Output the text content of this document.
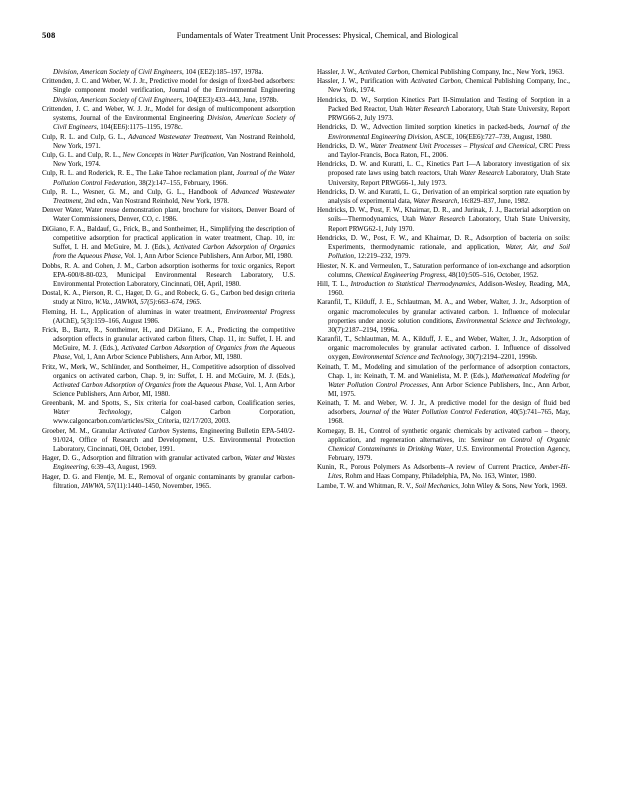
508	Fundamentals of Water Treatment Unit Processes: Physical, Chemical, and Biological

Division, American Society of Civil Engineers, 104 (EE2):185–197, 1978a.

Crittenden, J. C. and Weber, W. J. Jr., Predictive model for design of fixed-bed adsorbers: Single component model verification, Journal of the Environmental Engineering Division, American Society of Civil Engineers, 104(EE3):433–443, June, 1978b.

Crittenden, J. C. and Weber, W. J. Jr., Model for design of multicomponent adsorption systems, Journal of the Environmental Engineering Division, American Society of Civil Engineers, 104(EE6):1175–1195, 1978c.

Culp, R. L. and Culp, G. L., Advanced Wastewater Treatment, Van Nostrand Reinhold, New York, 1971.

Culp, G. L. and Culp, R. L., New Concepts in Water Purification, Van Nostrand Reinhold, New York, 1974.

Culp, R. L. and Roderick, R. E., The Lake Tahoe reclamation plant, Journal of the Water Pollution Control Federation, 38(2):147–155, February, 1966.

Culp, R. L., Wesner, G. M., and Culp, G. L., Handbook of Advanced Wastewater Treatment, 2nd edn., Van Nostrand Reinhold, New York, 1978.

Denver Water, Water reuse demonstration plant, brochure for visitors, Denver Board of Water Commissioners, Denver, CO, c. 1986.

DiGiano, F. A., Baldauf, G., Frick, B., and Sontheimer, H., Simplifying the description of competitive adsorption for practical application in water treatment, Chap. 10, in: Suffet, I. H. and McGuire, M. J. (Eds.), Activated Carbon Adsorption of Organics from the Aqueous Phase, Vol. 1, Ann Arbor Science Publishers, Ann Arbor, MI, 1980.

Dobbs, R. A. and Cohen, J. M., Carbon adsorption isotherms for toxic organics, Report EPA-600/8-80-023, Municipal Environmental Research Laboratory, U.S. Environmental Protection Laboratory, Cincinnati, OH, April, 1980.

Dostal, K. A., Pierson, R. C., Hager, D. G., and Robeck, G. G., Carbon bed design criteria study at Nitro, W.Va., JAWWA, 57(5):663–674, 1965.

Fleming, H. L., Application of aluminas in water treatment, Environmental Progress (AiChE), 5(3):159–166, August 1986.

Frick, B., Bartz, R., Sontheimer, H., and DiGiano, F. A., Predicting the competitive adsorption effects in granular activated carbon filters, Chap. 11, in: Suffet, I. H. and McGuire, M. J. (Eds.), Activated Carbon Adsorption of Organics from the Aqueous Phase, Vol, 1, Ann Arbor Science Publishers, Ann Arbor, MI, 1980.

Fritz, W., Merk, W., Schlünder, and Sontheimer, H., Competitive adsorption of dissolved organics on activated carbon, Chap. 9, in: Suffet, I. H. and McGuire, M. J. (Eds.), Activated Carbon Adsorption of Organics from the Aqueous Phase, Vol. 1, Ann Arbor Science Publishers, Ann Arbor, MI, 1980.

Greenbank, M. and Spotts, S., Six criteria for coal-based carbon, Coalification series, Water Technology, Calgon Carbon Corporation, www.calgoncarbon.com/articles/Six_Criteria, 02/17/203, 2003.

Groeber, M. M., Granular Activated Carbon Systems, Engineering Bulletin EPA-540/2-91/024, Office of Research and Development, U.S. Environmental Protection Laboratory, Cincinnati, OH, October, 1991.

Hager, D. G., Adsorption and filtration with granular activated carbon, Water and Wastes Engineering, 6:39–43, August, 1969.

Hager, D. G. and Flentje, M. E., Removal of organic contaminants by granular carbon- filtration, JAWWA, 57(11):1440–1450, November, 1965.

Hassler, J. W., Activated Carbon, Chemical Publishing Company, Inc., New York, 1963.

Hassler, J. W., Purification with Activated Carbon, Chemical Publishing Company, Inc., New York, 1974.

Hendricks, D. W., Sorption Kinetics Part II-Simulation and Testing of Sorption in a Packed Bed Reactor, Utah Water Research Laboratory, Utah State University, Report PRWG66-2, July 1973.

Hendricks, D. W., Advection limited sorption kinetics in packed-beds, Journal of the Environmental Engineering Division, ASCE, 106(EE6):727–739, August, 1980.

Hendricks, D. W., Water Treatment Unit Processes – Physical and Chemical, CRC Press and Taylor-Francis, Boca Raton, FL, 2006.

Hendricks, D. W. and Kuratti, L. C., Kinetics Part I—A laboratory investigation of six proposed rate laws using batch reactors, Utah Water Research Laboratory, Utah State University, Report PRWG66-1, July 1973.

Hendricks, D. W. and Kuratti, L. G., Derivation of an empirical sorption rate equation by analysis of experimental data, Water Research, 16:829–837, June, 1982.

Hendricks, D. W., Post, F. W., Khairnar, D. R., and Jurinak, J. J., Bacterial adsorption on soils—Thermodynamics, Utah Water Research Laboratory, Utah State University, Report PRWG62-1, July 1970.

Hendricks, D. W., Post, F. W., and Khairnar, D. R., Adsorption of bacteria on soils: Experiments, thermodynamic rationale, and application, Water, Air, and Soil Pollution, 12:219–232, 1979.

Hiester, N. K. and Vermeulen, T., Saturation performance of ion-exchange and adsorption columns, Chemical Engineering Progress, 48(10):505–516, October, 1952.

Hill, T. L., Introduction to Statistical Thermodynamics, Addison-Wesley, Reading, MA, 1960.

Karanfil, T., Kilduff, J. E., Schlautman, M. A., and Weber, Walter, J. Jr., Adsorption of organic macromolecules by granular activated carbon. 1. Influence of molecular properties under anoxic solution conditions, Environmental Science and Technology, 30(7):2187–2194, 1996a.

Karanfil, T., Schlautman, M. A., Kilduff, J. E., and Weber, Walter, J. Jr., Adsorption of organic macromolecules by granular activated carbon. I. Influence of dissolved oxygen, Environmental Science and Technology, 30(7):2194–2201, 1996b.

Keinath, T. M., Modeling and simulation of the performance of adsorption contactors, Chap. 1, in: Keinath, T. M. and Wanielista, M. P. (Eds.), Mathematical Modeling for Water Pollution Control Processes, Ann Arbor Science Publishers, Inc., Ann Arbor, MI, 1975.

Keinath, T. M. and Weber, W. J. Jr., A predictive model for the design of fluid bed adsorbers, Journal of the Water Pollution Control Federation, 40(5):741–765, May, 1968.

Kornegay, B. H., Control of synthetic organic chemicals by activated carbon – theory, application, and regeneration alternatives, in: Seminar on Control of Organic Chemical Contaminants in Drinking Water, U.S. Environmental Protection Agency, February, 1979.

Kunin, R., Porous Polymers As Adsorbents–A review of Current Practice, Amber-Hi-Lites, Rohm and Haas Company, Philadelphia, PA, No. 163, Winter, 1980.

Lambe, T. W. and Whitman, R. V., Soil Mechanics, John Wiley & Sons, New York, 1969.
